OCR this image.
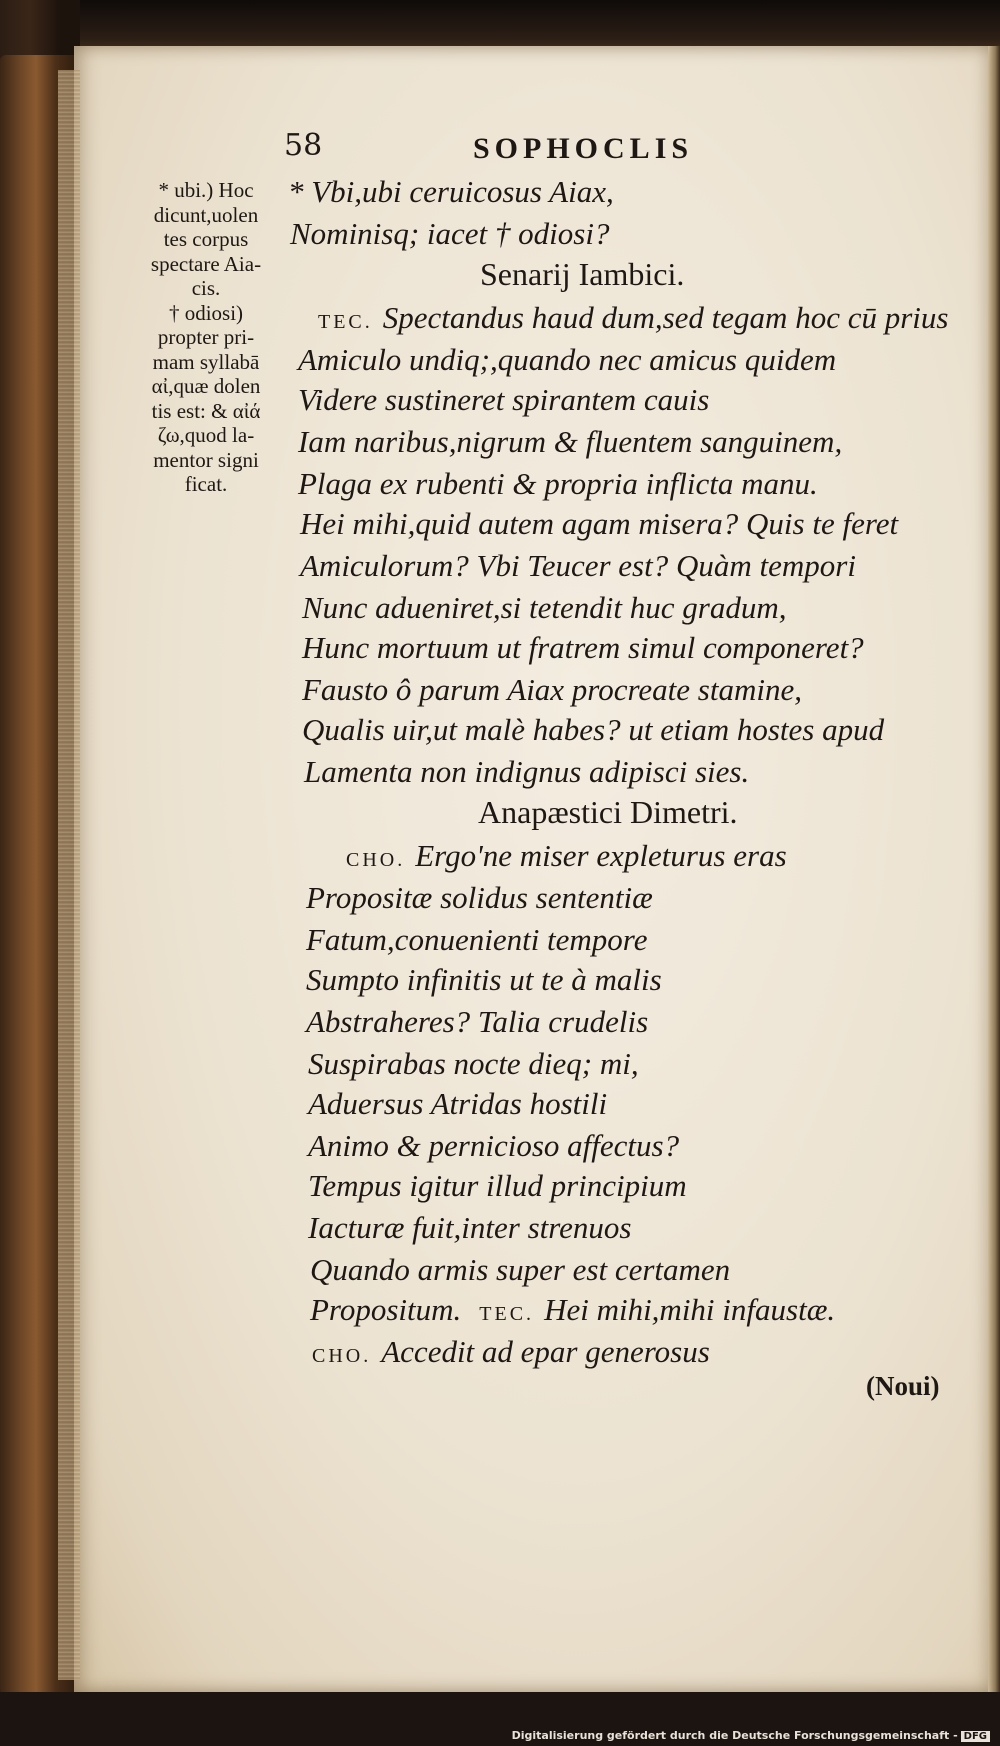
58	SOPHOCLIS
* ubi.) Hoc
dicunt,uolen
tes corpus
spectare Aia-
cis.
† odiosi)
propter pri-
mam syllabā
αἰ,quæ dolen
tis est: & αἰά
ζω,quod la-
mentor signi
ficat.
* Vbi,ubi ceruicosus Aiax,
Nominisq; iacet † odiosi?
Senarij Iambici.
TEC. Spectandus haud dum,sed tegam hoc cū prius
Amiculo undiq;,quando nec amicus quidem
Videre sustineret spirantem cauis
Iam naribus,nigrum & fluentem sanguinem,
Plaga ex rubenti & propria inflicta manu.
Hei mihi,quid autem agam misera? Quis te feret
Amiculorum? Vbi Teucer est? Quàm tempori
Nunc adueniret,si tetendit huc gradum,
Hunc mortuum ut fratrem simul componeret?
Fausto ô parum Aiax procreate stamine,
Qualis uir,ut malè habes? ut etiam hostes apud
Lamenta non indignus adipisci sies.
Anapæstici Dimetri.
CHO. Ergo'ne miser expleturus eras
Propositæ solidus sententiæ
Fatum,conuenienti tempore
Sumpto infinitis ut te à malis
Abstraheres? Talia crudelis
Suspirabas nocte dieq; mi,
Aduersus Atridas hostili
Animo & pernicioso affectus?
Tempus igitur illud principium
Iacturæ fuit,inter strenuos
Quando armis super est certamen
Propositum. TEC. Hei mihi,mihi infaustæ.
CHO. Accedit ad epar generosus
(Noui)
Digitalisierung gefördert durch die Deutsche Forschungsgemeinschaft - DFG
